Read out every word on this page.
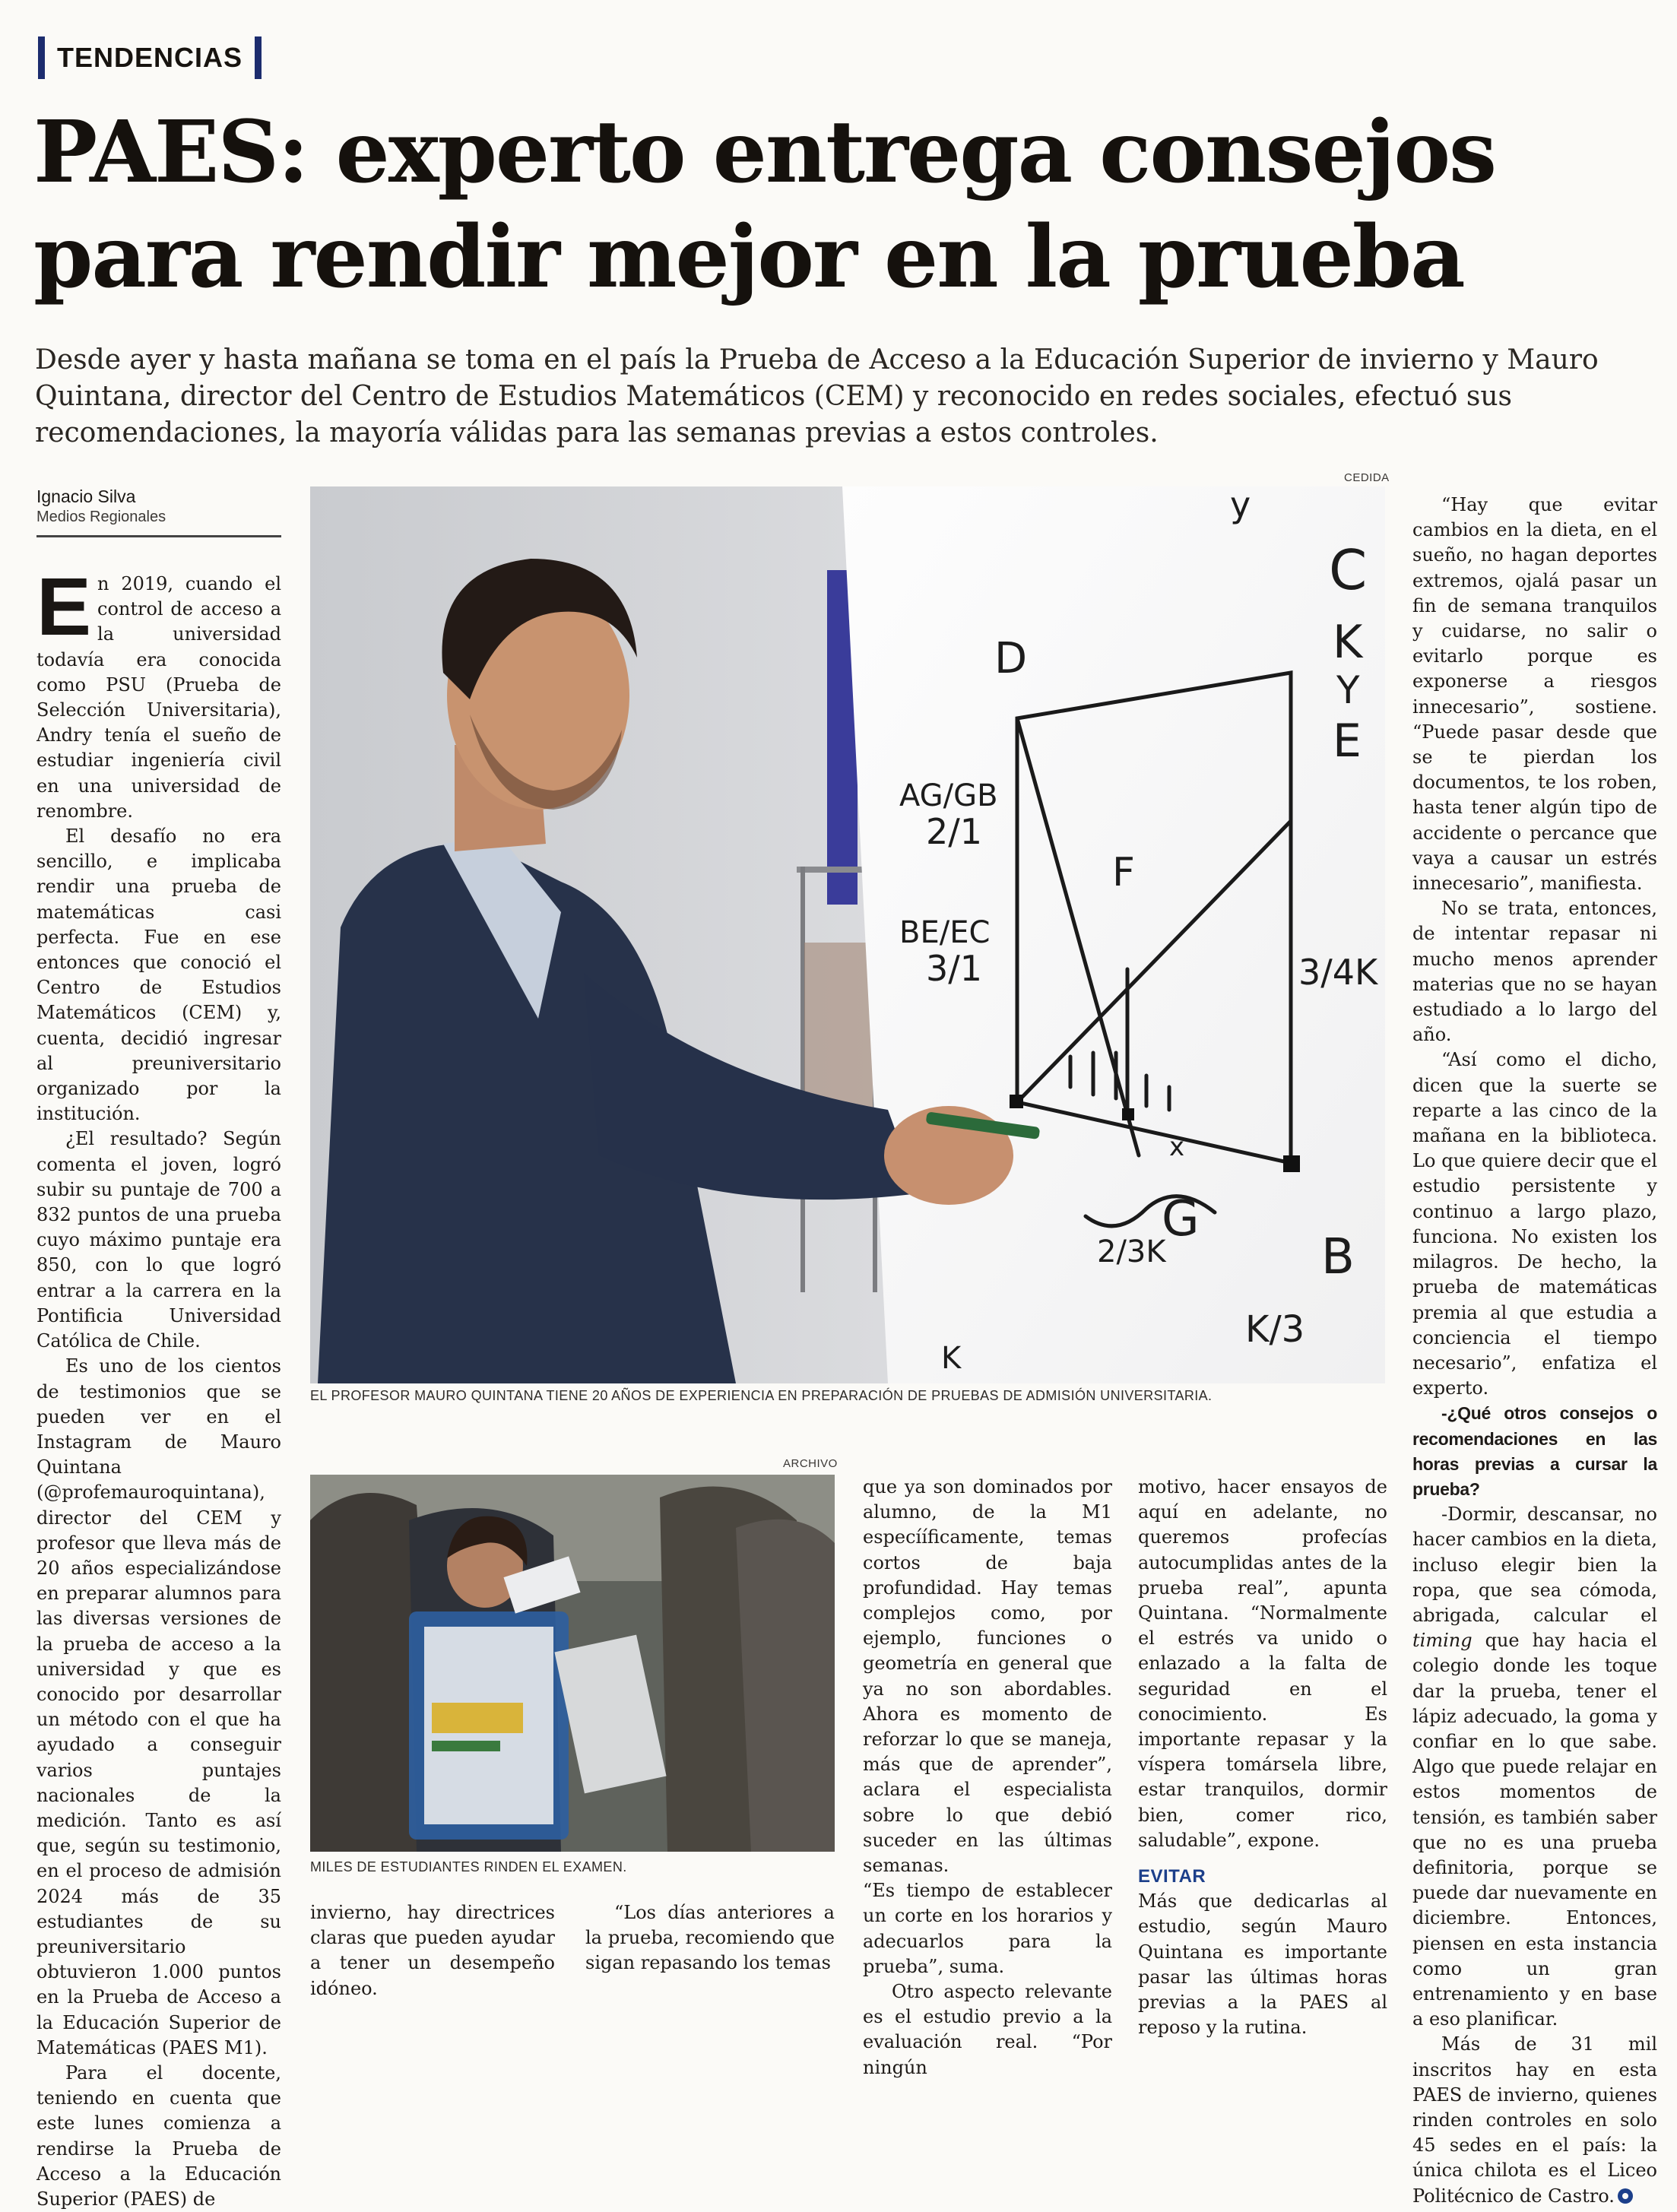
TENDENCIAS
PAES: experto entrega consejos
para rendir mejor en la prueba
Desde ayer y hasta mañana se toma en el país la Prueba de Acceso a la Educación Superior de invierno y Mauro
Quintana, director del Centro de Estudios Matemáticos (CEM) y reconocido en redes sociales, efectuó sus
recomendaciones, la mayoría válidas para las semanas previas a estos controles.
Ignacio Silva
Medios Regionales
CEDIDA
D
C
K
Y
E
F
G
B
K/3
2/3K
3/4K
x
K
y
AG/GB
2/1
BE/EC
3/1
EL PROFESOR MAURO QUINTANA TIENE 20 AÑOS DE EXPERIENCIA EN PREPARACIÓN DE PRUEBAS DE ADMISIÓN UNIVERSITARIA.
ARCHIVO
MILES DE ESTUDIANTES RINDEN EL EXAMEN.

En 2019, cuando el control de acceso a la universidad todavía era conocida como PSU (Prueba de Selección Universitaria), Andry tenía el sueño de estudiar ingeniería civil en una universidad de renombre.

El desafío no era sencillo, e implicaba rendir una prueba de matemáticas casi perfecta. Fue en ese entonces que conoció el Centro de Estudios Matemáticos (CEM) y, cuenta, decidió ingresar al preuniversitario organizado por la institución.

¿El resultado? Según comenta el joven, logró subir su puntaje de 700 a 832 puntos de una prueba cuyo máximo puntaje era 850, con lo que logró entrar a la carrera en la Pontificia Universidad Católica de Chile.

Es uno de los cientos de testimonios que se pueden ver en el Instagram de Mauro Quintana (@profemauroquintana), director del CEM y profesor que lleva más de 20 años especializándose en preparar alumnos para las diversas versiones de la prueba de acceso a la universidad y que es conocido por desarrollar un método con el que ha ayudado a conseguir varios puntajes nacionales de la medición. Tanto es así que, según su testimonio, en el proceso de admisión 2024 más de 35 estudiantes de su preuniversitario obtuvieron 1.000 puntos en la Prueba de Acceso a la Educación Superior de Matemáticas (PAES M1).

Para el docente, teniendo en cuenta que este lunes comienza a rendirse la Prueba de Acceso a la Educación Superior (PAES) de

invierno, hay directrices claras que pueden ayudar a tener un desempeño idóneo.

“Los días anteriores a la prueba, recomiendo que sigan repasando los temas

que ya son dominados por alumno, de la M1 especííficamente, temas cortos de baja profundidad. Hay temas complejos como, por ejemplo, funciones o geometría en general que ya no son abordables. Ahora es momento de reforzar lo que se maneja, más que de aprender”, aclara el especialista sobre lo que debió suceder en las últimas semanas.

“Es tiempo de establecer un corte en los horarios y adecuarlos para la prueba”, suma.

Otro aspecto relevante es el estudio previo a la evaluación real. “Por ningún

motivo, hacer ensayos de aquí en adelante, no queremos profecías autocumplidas antes de la prueba real”, apunta Quintana. “Normalmente el estrés va unido o enlazado a la falta de seguridad en el conocimiento. Es importante repasar y la víspera tomársela libre, estar tranquilos, dormir bien, comer rico, saludable”, expone.

EVITAR

Más que dedicarlas al estudio, según Mauro Quintana es importante pasar las últimas horas previas a la PAES al reposo y la rutina.

“Hay que evitar cambios en la dieta, en el sueño, no hagan deportes extremos, ojalá pasar un fin de semana tranquilos y cuidarse, no salir o evitarlo porque es exponerse a riesgos innecesario”, sostiene. “Puede pasar desde que se te pierdan los documentos, te los roben, hasta tener algún tipo de accidente o percance que vaya a causar un estrés innecesario”, manifiesta.

No se trata, entonces, de intentar repasar ni mucho menos aprender materias que no se hayan estudiado a lo largo del año.

“Así como el dicho, dicen que la suerte se reparte a las cinco de la mañana en la biblioteca. Lo que quiere decir que el estudio persistente y continuo a largo plazo, funciona. No existen los milagros. De hecho, la prueba de matemáticas premia al que estudia a conciencia el tiempo necesario”, enfatiza el experto.

-¿Qué otros consejos o recomendaciones en las horas previas a cursar la prueba?

-Dormir, descansar, no hacer cambios en la dieta, incluso elegir bien la ropa, que sea cómoda, abrigada, calcular el timing que hay hacia el colegio donde les toque dar la prueba, tener el lápiz adecuado, la goma y confiar en lo que sabe. Algo que puede relajar en estos momentos de tensión, es también saber que no es una prueba definitoria, porque se puede dar nuevamente en diciembre. Entonces, piensen en esta instancia como un gran entrenamiento y en base a eso planificar.

Más de 31 mil inscritos hay en esta PAES de invierno, quienes rinden controles en solo 45 sedes en el país: la única chilota es el Liceo Politécnico de Castro.
